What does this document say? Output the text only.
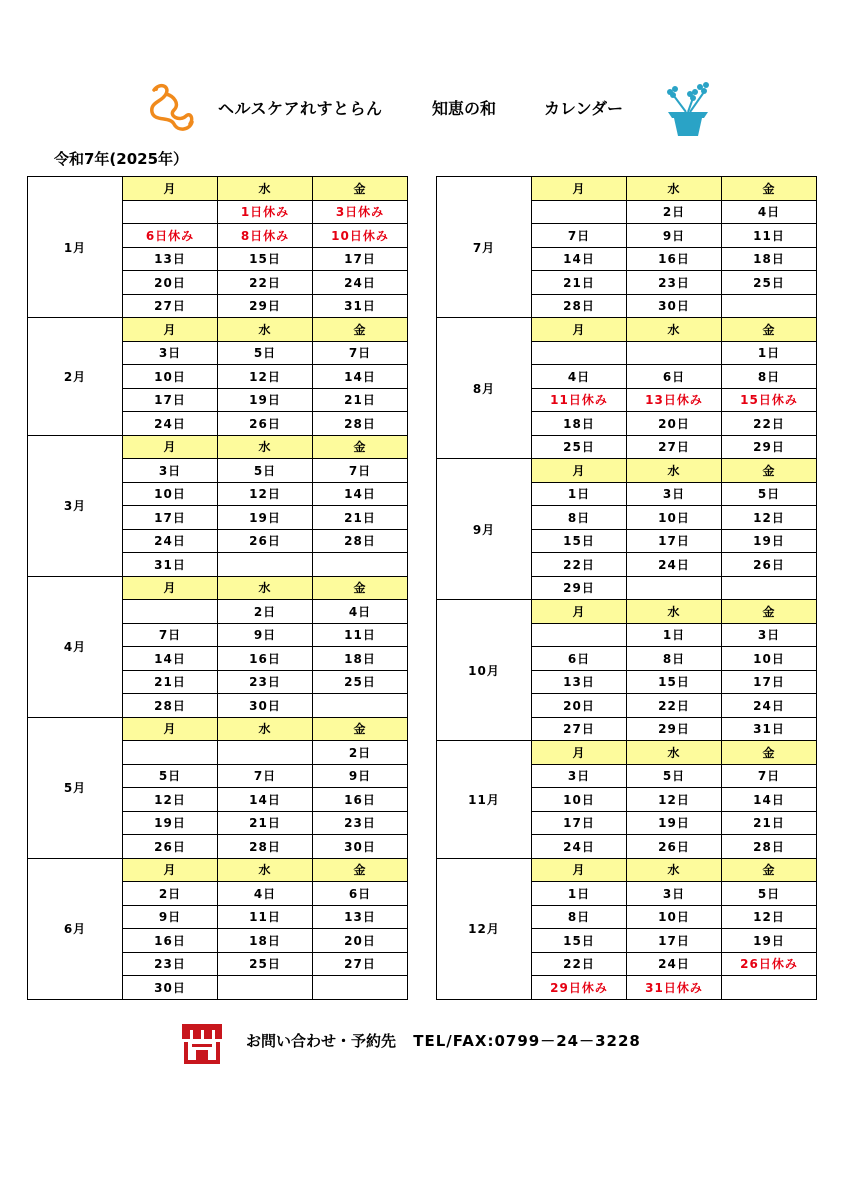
ヘルスケアれすとらん	知恵の和	カレンダー
令和7年(2025年）
1月	月	水	金
		1日休み	3日休み
	6日休み	8日休み	10日休み
	13日	15日	17日
	20日	22日	24日
	27日	29日	31日
2月	月	水	金
	3日	5日	7日
	10日	12日	14日
	17日	19日	21日
	24日	26日	28日
3月	月	水	金
	3日	5日	7日
	10日	12日	14日
	17日	19日	21日
	24日	26日	28日
	31日		
4月	月	水	金
		2日	4日
	7日	9日	11日
	14日	16日	18日
	21日	23日	25日
	28日	30日	
5月	月	水	金
			2日
	5日	7日	9日
	12日	14日	16日
	19日	21日	23日
	26日	28日	30日
6月	月	水	金
	2日	4日	6日
	9日	11日	13日
	16日	18日	20日
	23日	25日	27日
	30日		
7月	月	水	金
		2日	4日
	7日	9日	11日
	14日	16日	18日
	21日	23日	25日
	28日	30日	
8月	月	水	金
			1日
	4日	6日	8日
	11日休み	13日休み	15日休み
	18日	20日	22日
	25日	27日	29日
9月	月	水	金
	1日	3日	5日
	8日	10日	12日
	15日	17日	19日
	22日	24日	26日
	29日		
10月	月	水	金
		1日	3日
	6日	8日	10日
	13日	15日	17日
	20日	22日	24日
	27日	29日	31日
11月	月	水	金
	3日	5日	7日
	10日	12日	14日
	17日	19日	21日
	24日	26日	28日
12月	月	水	金
	1日	3日	5日
	8日	10日	12日
	15日	17日	19日
	22日	24日	26日休み
	29日休み	31日休み	
お問い合わせ・予約先 TEL/FAX:0799－24－3228
